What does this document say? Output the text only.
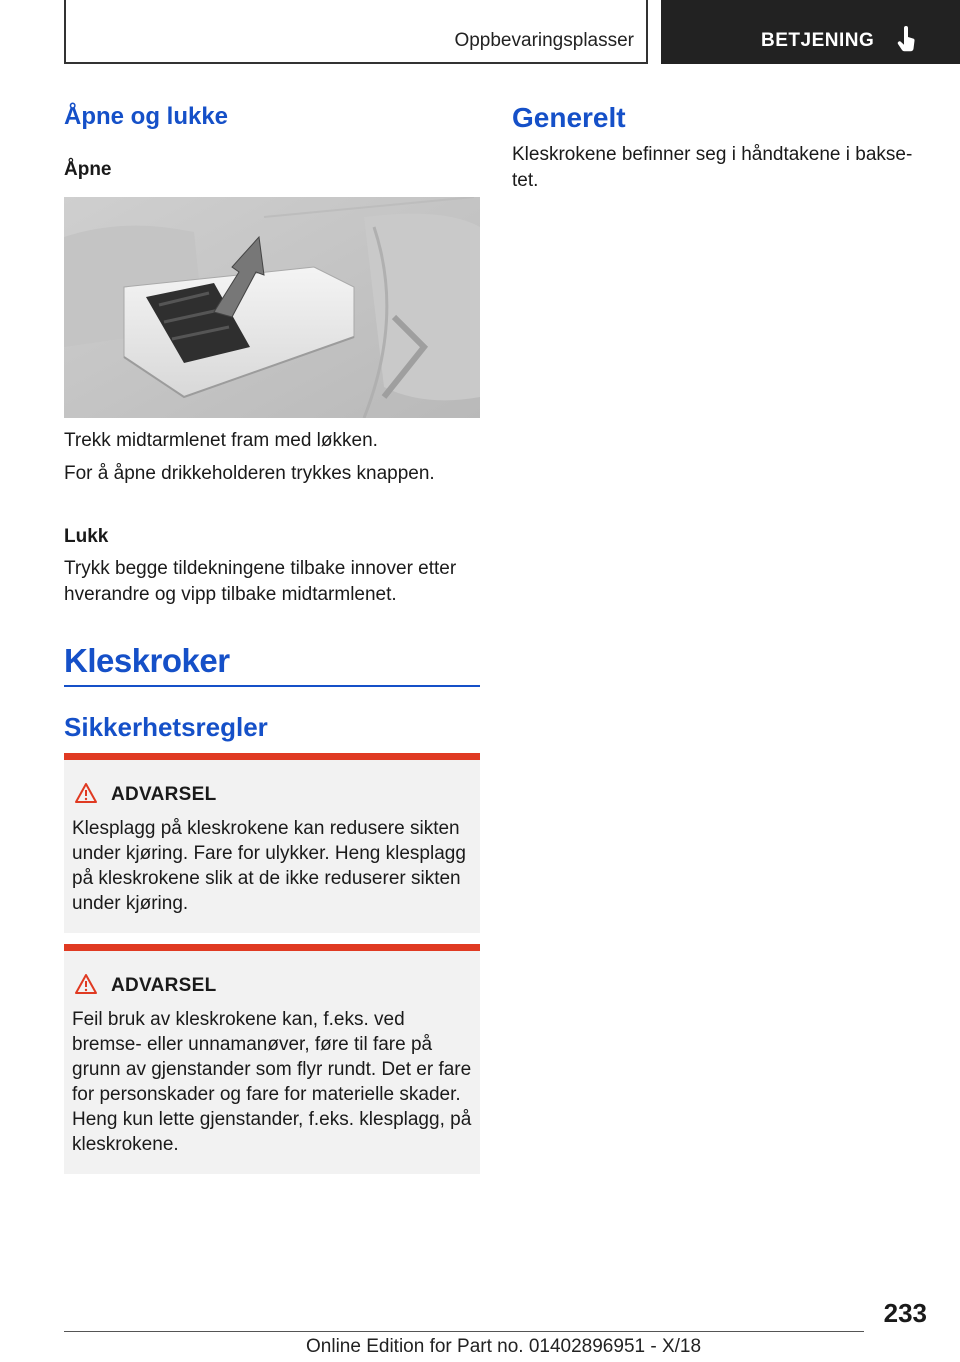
Oppbevaringsplasser	BETJENING
Åpne og lukke
Åpne
Trekk midtarmlenet fram med løkken.
For å åpne drikkeholderen trykkes knappen.
Lukk
Trykk begge tildekningene tilbake innover etter hverandre og vipp tilbake midtarmlenet.
Kleskroker
Sikkerhetsregler
ADVARSEL
Klesplagg på kleskrokene kan redusere sikten under kjøring. Fare for ulykker. Heng klesplagg på kleskrokene slik at de ikke reduserer sikten under kjøring.
ADVARSEL
Feil bruk av kleskrokene kan, f.eks. ved bremse- eller unnamanøver, føre til fare på grunn av gjenstander som flyr rundt. Det er fare for personskader og fare for materielle skader. Heng kun lette gjenstander, f.eks. klesplagg, på kleskrokene.
Generelt
Kleskrokene befinner seg i håndtakene i bakse‐tet.
233
Online Edition for Part no. 01402896951 - X/18
